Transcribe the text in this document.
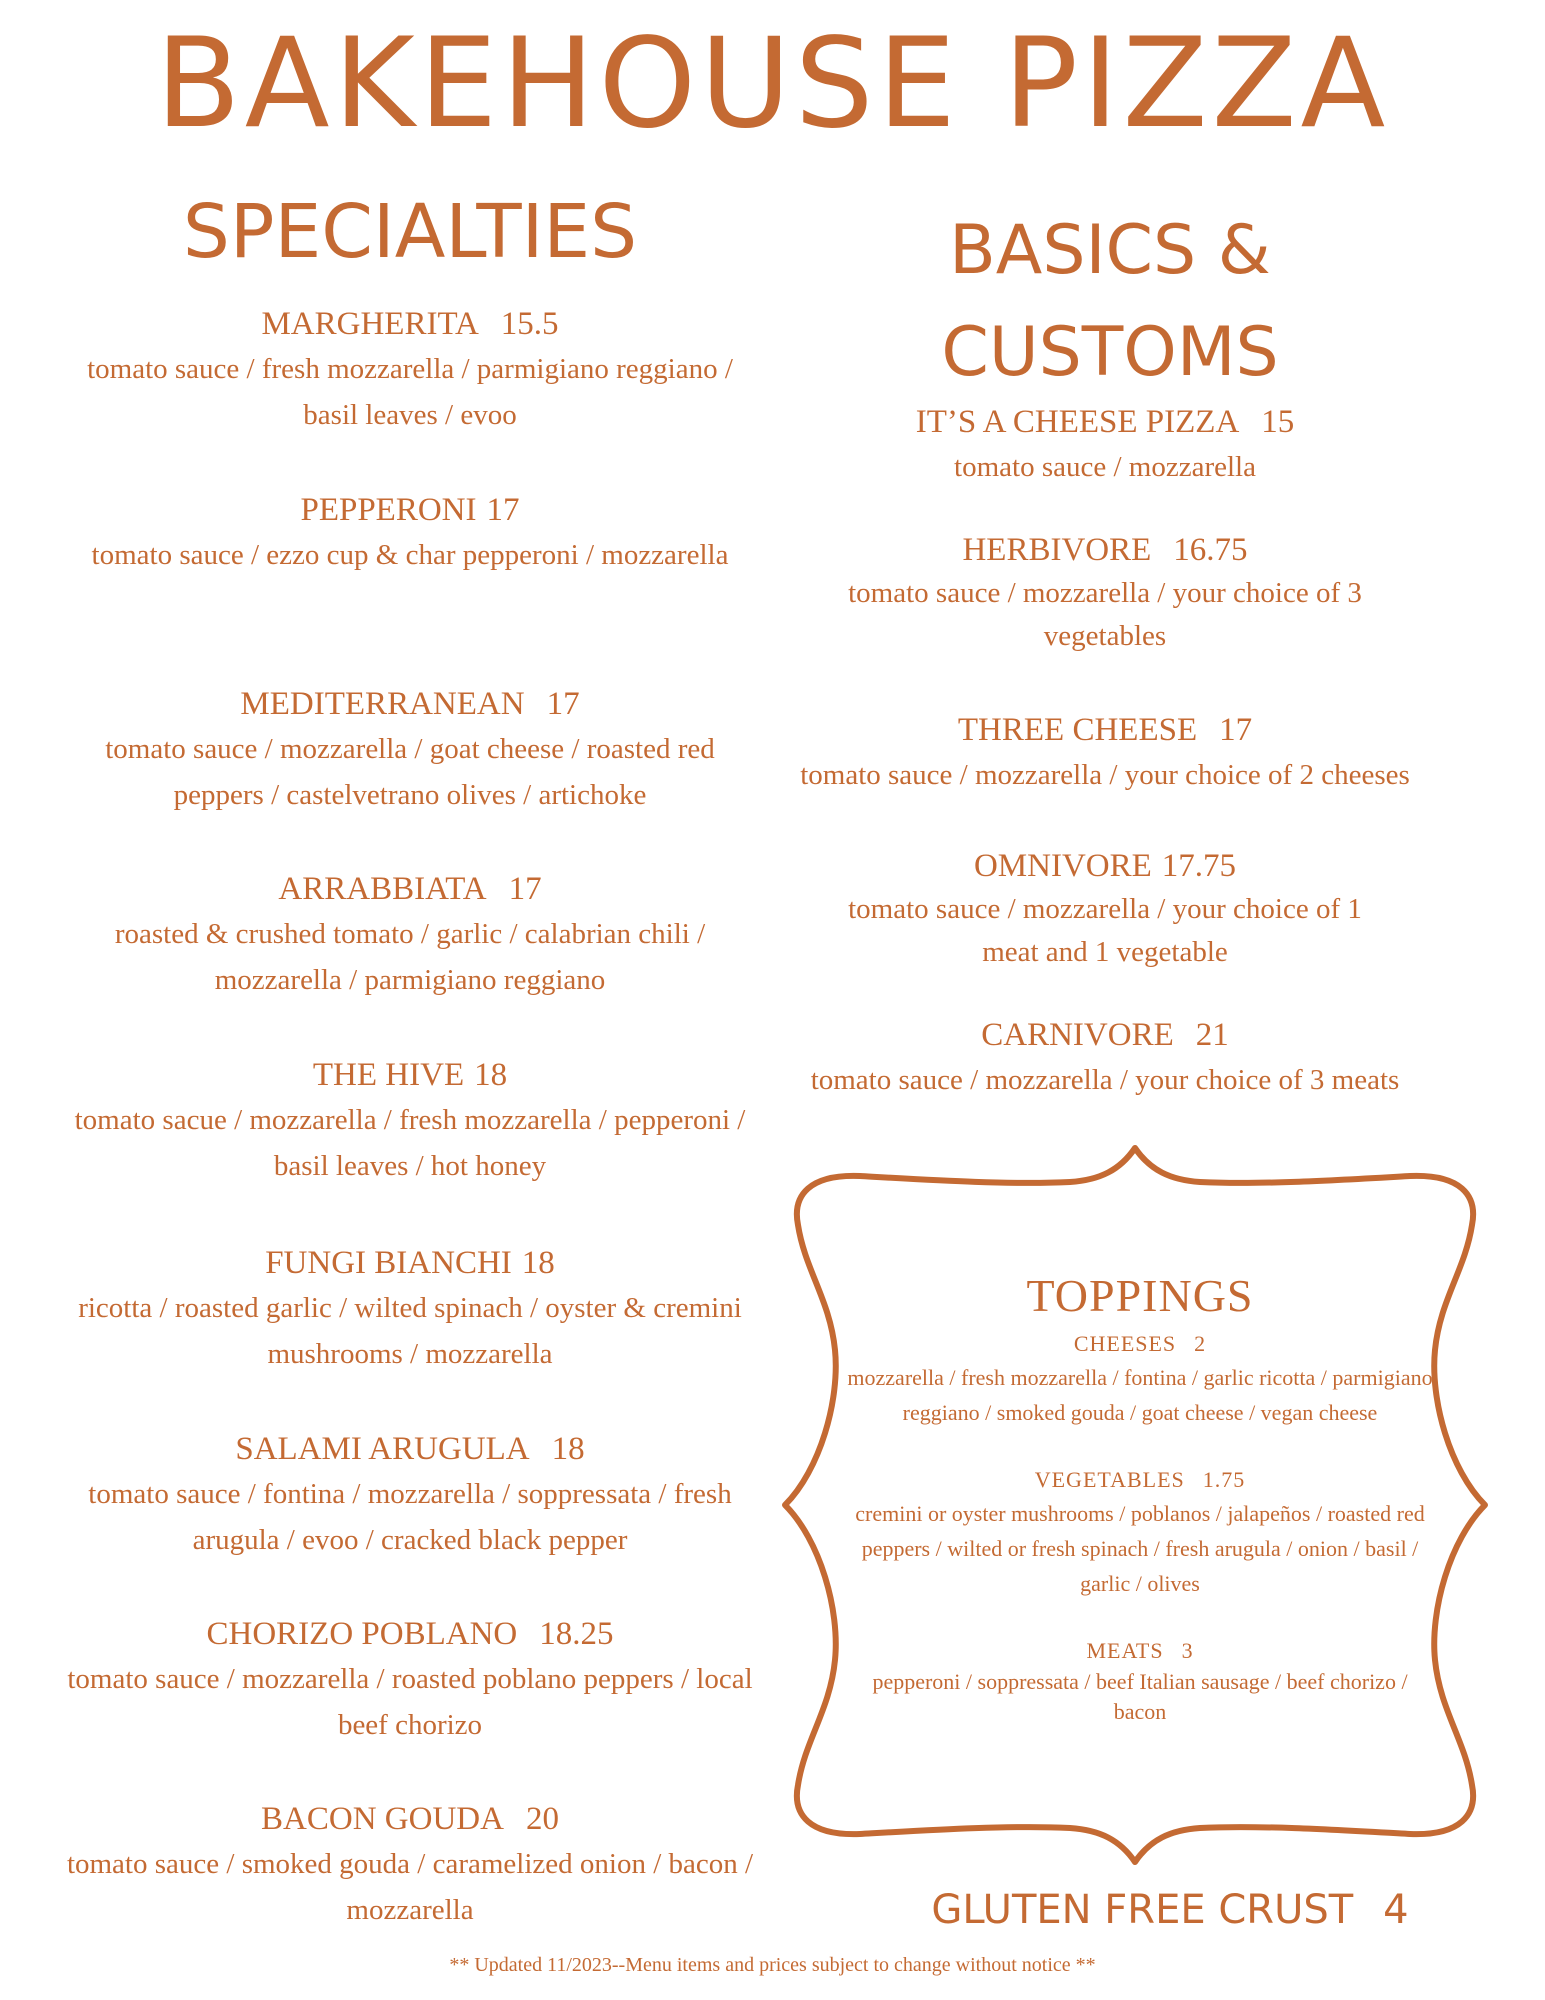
BAKEHOUSE PIZZA
SPECIALTIES	BASICS & CUSTOMS
MARGHERITA 15.5
tomato sauce / fresh mozzarella / parmigiano reggiano / basil leaves / evoo
PEPPERONI 17
tomato sauce / ezzo cup & char pepperoni / mozzarella
MEDITERRANEAN 17
tomato sauce / mozzarella / goat cheese / roasted red peppers / castelvetrano olives / artichoke
ARRABBIATA 17
roasted & crushed tomato / garlic / calabrian chili / mozzarella / parmigiano reggiano
THE HIVE 18
tomato sacue / mozzarella / fresh mozzarella / pepperoni / basil leaves / hot honey
FUNGI BIANCHI 18
ricotta / roasted garlic / wilted spinach / oyster & cremini mushrooms / mozzarella
SALAMI ARUGULA 18
tomato sauce / fontina / mozzarella / soppressata / fresh arugula / evoo / cracked black pepper
CHORIZO POBLANO 18.25
tomato sauce / mozzarella / roasted poblano peppers / local beef chorizo
BACON GOUDA 20
tomato sauce / smoked gouda / caramelized onion / bacon / mozzarella
IT’S A CHEESE PIZZA 15
tomato sauce / mozzarella
HERBIVORE 16.75
tomato sauce / mozzarella / your choice of 3 vegetables
THREE CHEESE 17
tomato sauce / mozzarella / your choice of 2 cheeses
OMNIVORE 17.75
tomato sauce / mozzarella / your choice of 1 meat and 1 vegetable
CARNIVORE 21
tomato sauce / mozzarella / your choice of 3 meats
TOPPINGS
CHEESES 2
mozzarella / fresh mozzarella / fontina / garlic ricotta / parmigiano reggiano / smoked gouda / goat cheese / vegan cheese
VEGETABLES 1.75
cremini or oyster mushrooms / poblanos / jalapeños / roasted red peppers / wilted or fresh spinach / fresh arugula / onion / basil / garlic / olives
MEATS 3
pepperoni / soppressata / beef Italian sausage / beef chorizo / bacon
GLUTEN FREE CRUST 4
** Updated 11/2023--Menu items and prices subject to change without notice **
